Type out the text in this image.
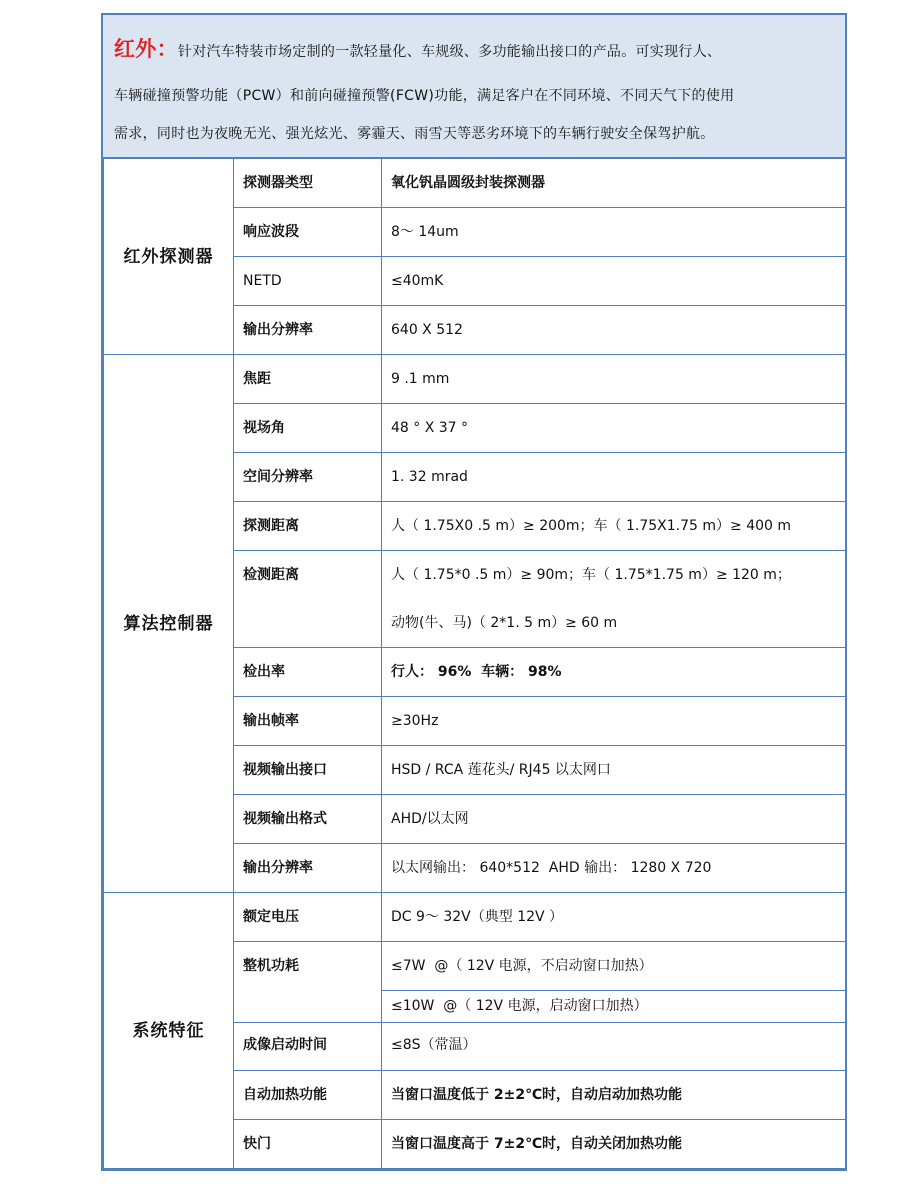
红外：针对汽车特装市场定制的一款轻量化、车规级、多功能输出接口的产品。可实现行人、
车辆碰撞预警功能（PCW）和前向碰撞预警(FCW)功能，满足客户在不同环境、不同天气下的使用
需求，同时也为夜晚无光、强光炫光、雾霾天、雨雪天等恶劣环境下的车辆行驶安全保驾护航。
红外探测器	探测器类型	氧化钒晶圆级封装探测器
	响应波段	8～ 14um
	NETD	≤40mK
	输出分辨率	640 X 512
算法控制器	焦距	9 .1 mm
	视场角	48 ° X 37 °
	空间分辨率	1. 32 mrad
	探测距离	人（ 1.75X0 .5 m）≥ 200m；车（ 1.75X1.75 m）≥ 400 m
	检测距离	人（ 1.75*0 .5 m）≥ 90m；车（ 1.75*1.75 m）≥ 120 m；
动物(牛、马)（ 2*1. 5 m）≥ 60 m

	检出率	行人： 96%  车辆： 98%
	输出帧率	≥30Hz
	视频输出接口	HSD / RCA 莲花头/ RJ45 以太网口
	视频输出格式	AHD/以太网
	输出分辨率	以太网输出： 640*512  AHD 输出： 1280 X 720
系统特征	额定电压	DC 9～ 32V（典型 12V ）
	整机功耗	≤7W  @（ 12V 电源，不启动窗口加热）
		≤10W  @（ 12V 电源，启动窗口加热）
	成像启动时间	≤8S（常温）
	自动加热功能	当窗口温度低于 2±2℃时，自动启动加热功能
	快门	当窗口温度高于 7±2℃时，自动关闭加热功能
